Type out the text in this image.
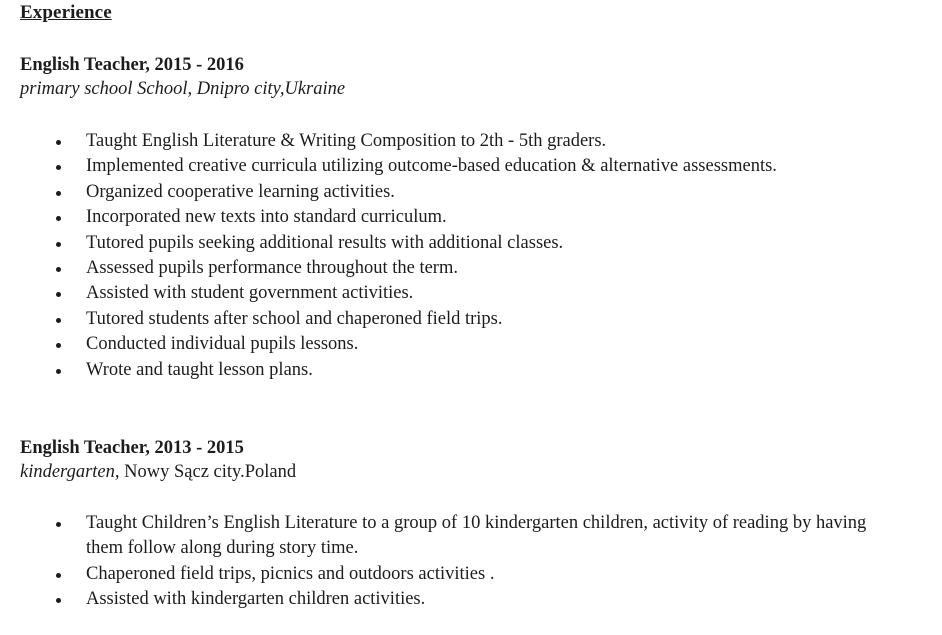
Experience
English Teacher, 2015 - 2016
primary school School, Dnipro city,Ukraine
Taught English Literature & Writing Composition to 2th - 5th graders.
Implemented creative curricula utilizing outcome-based education & alternative assessments.
Organized cooperative learning activities.
Incorporated new texts into standard curriculum.
Tutored pupils seeking additional results with additional classes.
Assessed pupils performance throughout the term.
Assisted with student government activities.
Tutored students after school and chaperoned field trips.
Conducted individual pupils lessons.
Wrote and taught lesson plans.
English Teacher, 2013 - 2015
kindergarten, Nowy Sącz city.Poland
Taught Children’s English Literature to a group of 10 kindergarten children, activity of reading by having them follow along during story time.
Chaperoned field trips, picnics and outdoors activities .
Assisted with kindergarten children activities.
